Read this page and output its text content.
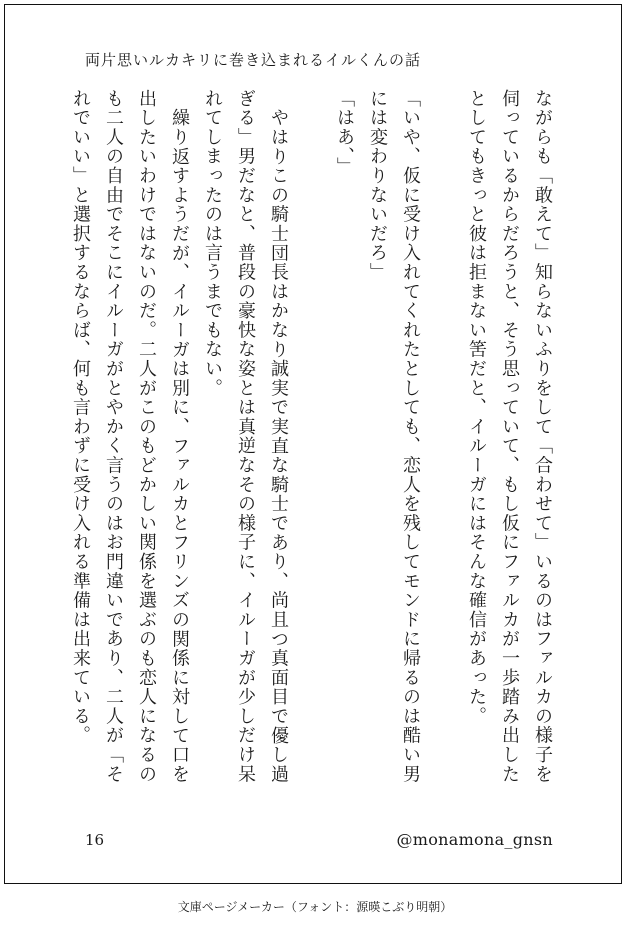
両片思いルカキリに巻き込まれるイルくんの話

ながらも「敢えて」知らないふりをして「合わせて」いるのはファルカの様子を伺っているからだろうと、そう思っていて、もし仮にファルカが一歩踏み出したとしてもきっと彼は拒まない筈だと、イルーガにはそんな確信があった。

「いや、仮に受け入れてくれたとしても、恋人を残してモンドに帰るのは酷い男には変わりないだろ」

「はあ、」

　やはりこの騎士団長はかなり誠実で実直な騎士であり、尚且つ真面目で優し過ぎる」男だなと、普段の豪快な姿とは真逆なその様子に、イルーガが少しだけ呆れてしまったのは言うまでもない。

　繰り返すようだが、イルーガは別に、ファルカとフリンズの関係に対して口を出したいわけではないのだ。二人がこのもどかしい関係を選ぶのも恋人になるのも二人の自由でそこにイルーガがとやかく言うのはお門違いであり、二人が「それでいい」と選択するならば、何も言わずに受け入れる準備は出来ている。

16	@monamona_gnsn
文庫ページメーカー（フォント：源暎こぶり明朝）
